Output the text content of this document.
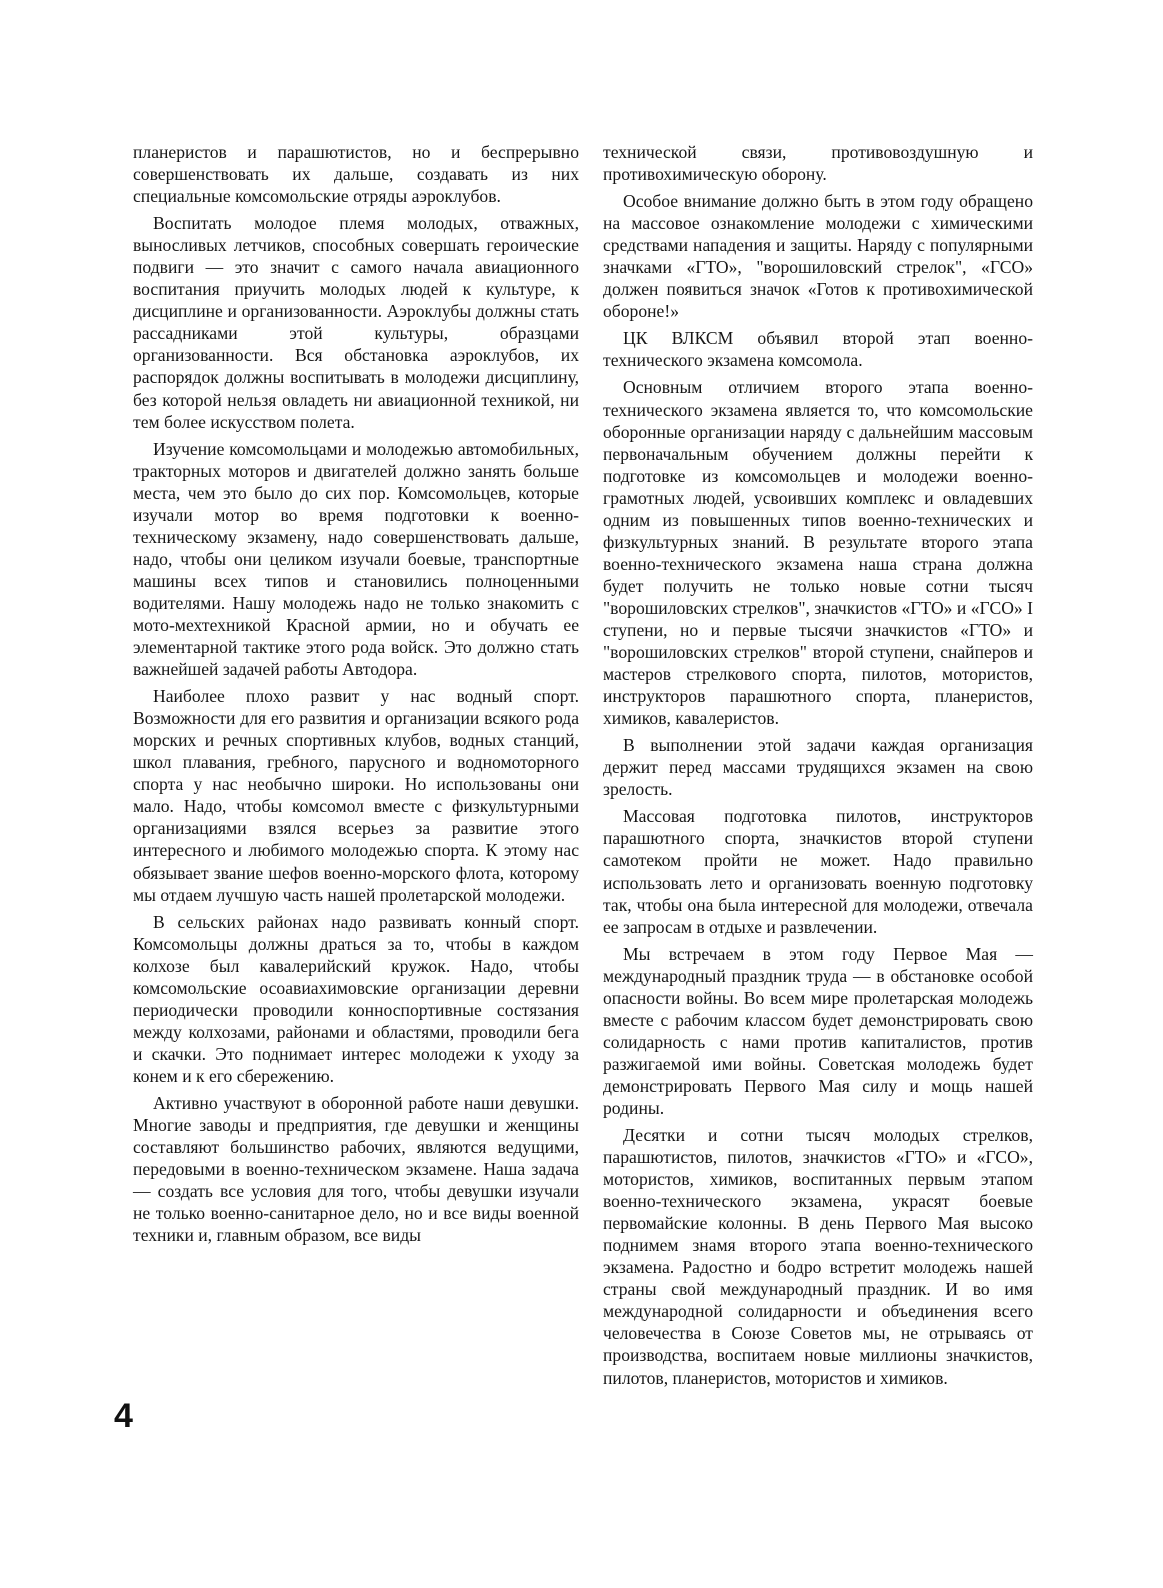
планеристов и парашютистов, но и беспрерывно совершенствовать их дальше, создавать из них специальные комсомольские отряды аэроклубов.

Воспитать молодое племя молодых, отважных, выносливых летчиков, способных совершать героические подвиги — это значит с самого начала авиационного воспитания приучить молодых людей к культуре, к дисциплине и организованности. Аэроклубы должны стать рассадниками этой культуры, образцами организованности. Вся обстановка аэроклубов, их распорядок должны воспитывать в молодежи дисциплину, без которой нельзя овладеть ни авиационной техникой, ни тем более искусством полета.

Изучение комсомольцами и молодежью автомобильных, тракторных моторов и двигателей должно занять больше места, чем это было до сих пор. Комсомольцев, которые изучали мотор во время подготовки к военно-техническому экзамену, надо совершенствовать дальше, надо, чтобы они целиком изучали боевые, транспортные машины всех типов и становились полноценными водителями. Нашу молодежь надо не только знакомить с мото-мехтехникой Красной армии, но и обучать ее элементарной тактике этого рода войск. Это должно стать важнейшей задачей работы Автодора.

Наиболее плохо развит у нас водный спорт. Возможности для его развития и организации всякого рода морских и речных спортивных клубов, водных станций, школ плавания, гребного, парусного и водномоторного спорта у нас необычно широки. Но использованы они мало. Надо, чтобы комсомол вместе с физкультурными организациями взялся всерьез за развитие этого интересного и любимого молодежью спорта. К этому нас обязывает звание шефов военно-морского флота, которому мы отдаем лучшую часть нашей пролетарской молодежи.

В сельских районах надо развивать конный спорт. Комсомольцы должны драться за то, чтобы в каждом колхозе был кавалерийский кружок. Надо, чтобы комсомольские осоавиахимовские организации деревни периодически проводили конноспортивные состязания между колхозами, районами и областями, проводили бега и скачки. Это поднимает интерес молодежи к уходу за конем и к его сбережению.

Активно участвуют в оборонной работе наши девушки. Многие заводы и предприятия, где девушки и женщины составляют большинство рабочих, являются ведущими, передовыми в военно-техническом экзамене. Наша задача — создать все условия для того, чтобы девушки изучали не только военно-санитарное дело, но и все виды военной техники и, главным образом, все виды

технической связи, противовоздушную и противохимическую оборону.

Особое внимание должно быть в этом году обращено на массовое ознакомление молодежи с химическими средствами нападения и защиты. Наряду с популярными значками «ГТО», "ворошиловский стрелок", «ГСО» должен появиться значок «Готов к противохимической обороне!»

ЦК ВЛКСМ объявил второй этап военно-технического экзамена комсомола.

Основным отличием второго этапа военно-технического экзамена является то, что комсомольские оборонные организации наряду с дальнейшим массовым первоначальным обучением должны перейти к подготовке из комсомольцев и молодежи военно-грамотных людей, усвоивших комплекс и овладевших одним из повышенных типов военно-технических и физкультурных знаний. В результате второго этапа военно-технического экзамена наша страна должна будет получить не только новые сотни тысяч "ворошиловских стрелков", значкистов «ГТО» и «ГСО» I ступени, но и первые тысячи значкистов «ГТО» и "ворошиловских стрелков" второй ступени, снайперов и мастеров стрелкового спорта, пилотов, мотористов, инструкторов парашютного спорта, планеристов, химиков, кавалеристов.

В выполнении этой задачи каждая организация держит перед массами трудящихся экзамен на свою зрелость.

Массовая подготовка пилотов, инструкторов парашютного спорта, значкистов второй ступени самотеком пройти не может. Надо правильно использовать лето и организовать военную подготовку так, чтобы она была интересной для молодежи, отвечала ее запросам в отдыхе и развлечении.

Мы встречаем в этом году Первое Мая — международный праздник труда — в обстановке особой опасности войны. Во всем мире пролетарская молодежь вместе с рабочим классом будет демонстрировать свою солидарность с нами против капиталистов, против разжигаемой ими войны. Советская молодежь будет демонстрировать Первого Мая силу и мощь нашей родины.

Десятки и сотни тысяч молодых стрелков, парашютистов, пилотов, значкистов «ГТО» и «ГСО», мотористов, химиков, воспитанных первым этапом военно-технического экзамена, украсят боевые первомайские колонны. В день Первого Мая высоко поднимем знамя второго этапа военно-технического экзамена. Радостно и бодро встретит молодежь нашей страны свой международный праздник. И во имя международной солидарности и объединения всего человечества в Союзе Советов мы, не отрываясь от производства, воспитаем новые миллионы значкистов, пилотов, планеристов, мотористов и химиков.

4
